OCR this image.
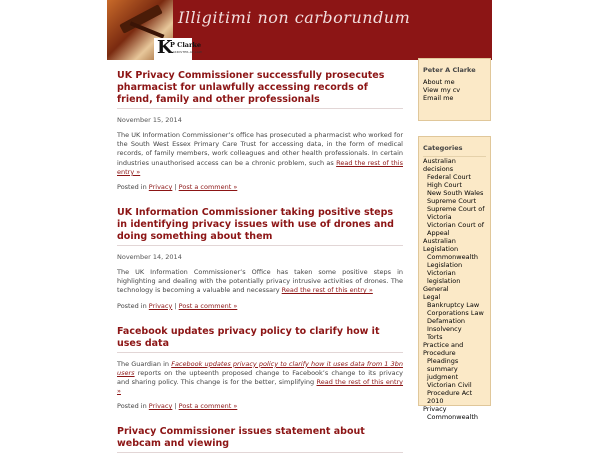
Illigitimi non carborundum
K
P Clarke
BARRISTER-AT-LAW
UK Privacy Commissioner successfully prosecutes pharmacist for unlawfully accessing records of friend, family and other professionals
November 15, 2014
The UK Information Commissioner’s office has prosecuted a pharmacist who worked for the South West Essex Primary Care Trust for accessing data, in the form of medical records, of family members, work colleagues and other health professionals. In certain industries unauthorised access can be a chronic problem, such as Read the rest of this entry »
Posted in Privacy | Post a comment »
UK Information Commissioner taking positive steps in identifying privacy issues with use of drones and doing something about them
November 14, 2014
The UK Information Commissioner’s Office has taken some positive steps in highlighting and dealing with the potentially privacy intrusive activities of drones. The technology is becoming a valuable and necessary Read the rest of this entry »
Posted in Privacy | Post a comment »
Facebook updates privacy policy to clarify how it uses data
The Guardian in Facebook updates privacy policy to clarify how it uses data from 1 3bn users reports on the upteenth proposed change to Facebook’s change to its privacy and sharing policy. This change is for the better, simplifying Read the rest of this entry »
Posted in Privacy | Post a comment »
Privacy Commissioner issues statement about webcam and viewing
Peter A Clarke
About me
View my cv
Email me
Categories
Australian decisions
Federal Court
High Court
New South Wales Supreme Court
Supreme Court of Victoria
Victorian Court of Appeal
Australian Legislation
Commonwealth Legislation
Victorian legislation
General
Legal
Bankruptcy Law
Corporations Law
Defamation
Insolvency
Torts
Practice and Procedure
Pleadings
summary judgment
Victorian Civil Procedure Act 2010
Privacy
Commonwealth
